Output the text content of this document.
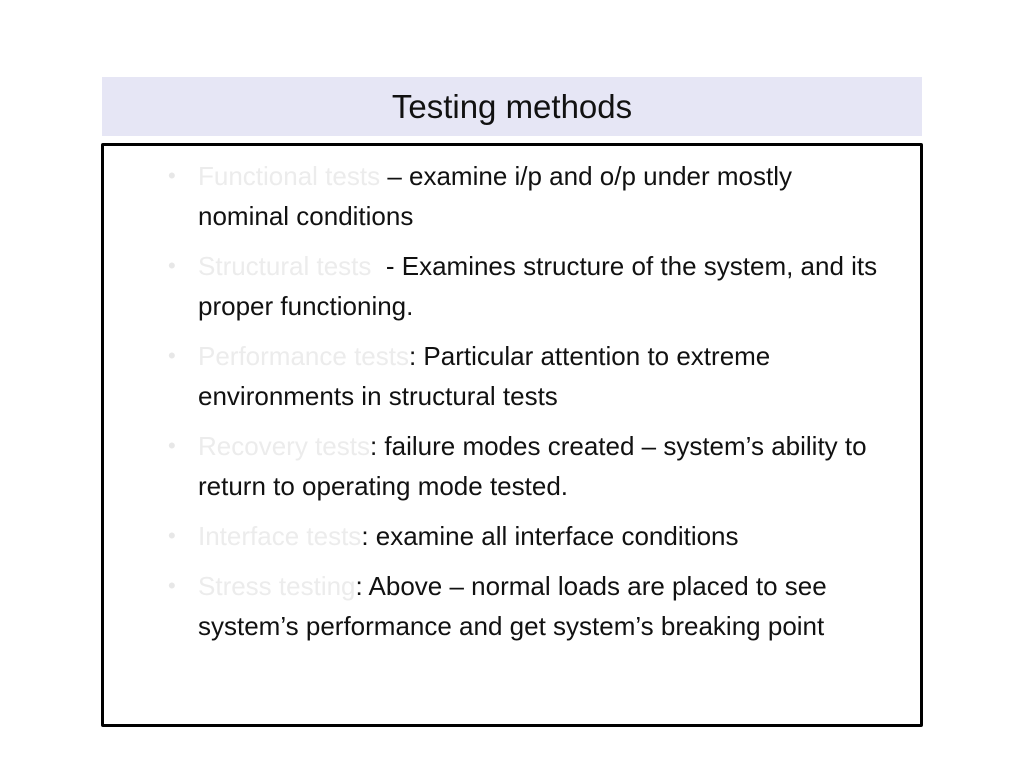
Testing methods
• Functional tests – examine i/p and o/p under mostly nominal conditions
• Structural tests  - Examines structure of the system, and its proper functioning.
• Performance tests: Particular attention to extreme environments in structural tests
• Recovery tests: failure modes created – system’s ability to return to operating mode tested.
• Interface tests: examine all interface conditions
• Stress testing: Above – normal loads are placed to see system’s performance and get system’s breaking point
